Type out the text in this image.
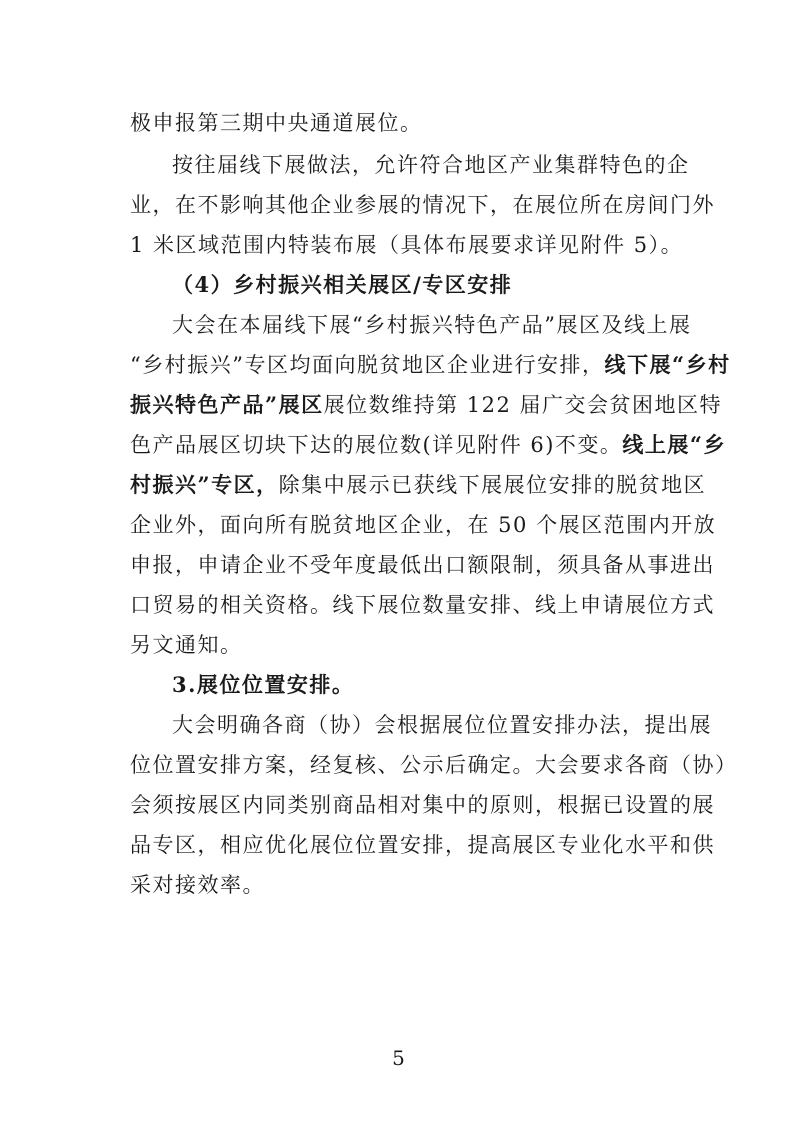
极申报第三期中央通道展位。
按往届线下展做法，允许符合地区产业集群特色的企
业，在不影响其他企业参展的情况下，在展位所在房间门外
1 米区域范围内特装布展（具体布展要求详见附件 5）。
（4）乡村振兴相关展区/专区安排
大会在本届线下展“乡村振兴特色产品”展区及线上展
“乡村振兴”专区均面向脱贫地区企业进行安排，线下展“乡村
振兴特色产品”展区展位数维持第 122 届广交会贫困地区特
色产品展区切块下达的展位数(详见附件 6)不变。线上展“乡
村振兴”专区，除集中展示已获线下展展位安排的脱贫地区
企业外，面向所有脱贫地区企业，在 50 个展区范围内开放
申报，申请企业不受年度最低出口额限制，须具备从事进出
口贸易的相关资格。线下展位数量安排、线上申请展位方式
另文通知。
3.展位位置安排。
大会明确各商（协）会根据展位位置安排办法，提出展
位位置安排方案，经复核、公示后确定。大会要求各商（协）
会须按展区内同类别商品相对集中的原则，根据已设置的展
品专区，相应优化展位位置安排，提高展区专业化水平和供
采对接效率。
5
